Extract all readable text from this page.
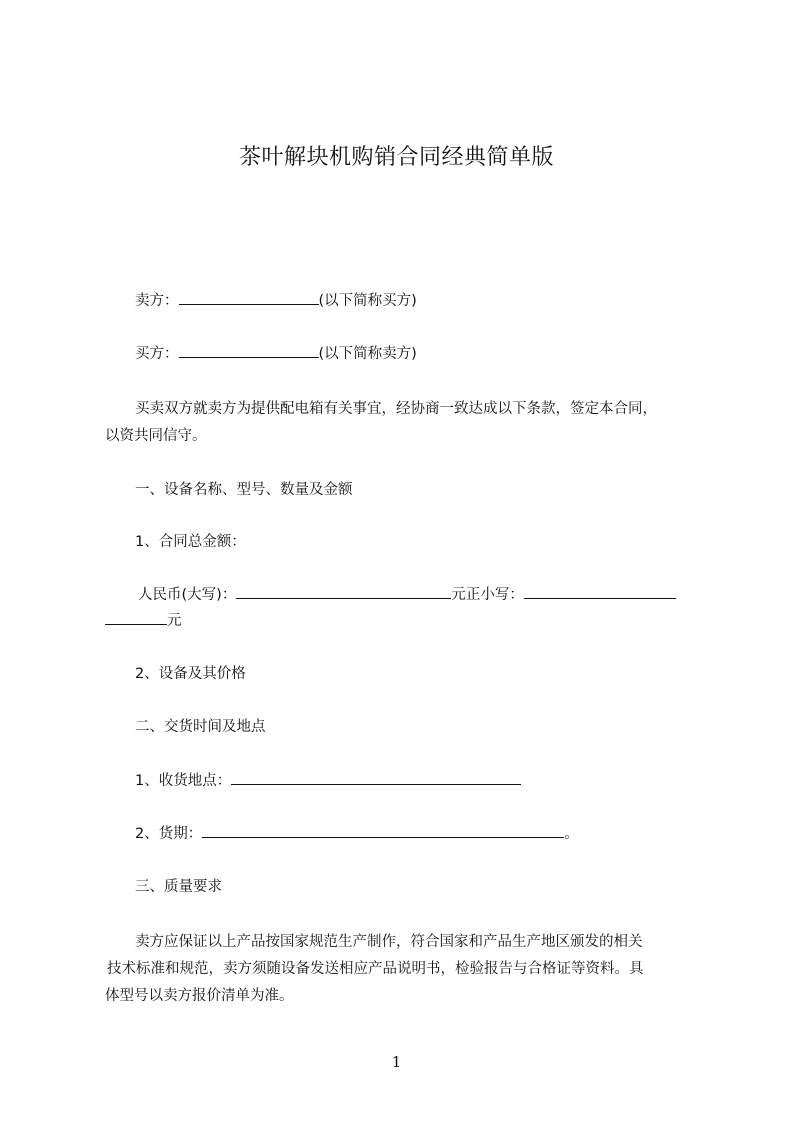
茶叶解块机购销合同经典简单版
卖方：	(以下简称买方)
买方：	(以下简称卖方)
买卖双方就卖方为提供配电箱有关事宜，经协商一致达成以下条款，签定本合同，
以资共同信守。
一、设备名称、型号、数量及金额
1、合同总金额：
人民币(大写)：	元正小写：
元
2、设备及其价格
二、交货时间及地点
1、收货地点：
2、货期：	。
三、质量要求
卖方应保证以上产品按国家规范生产制作，符合国家和产品生产地区颁发的相关
技术标准和规范，卖方须随设备发送相应产品说明书，检验报告与合格证等资料。具
体型号以卖方报价清单为准。
1
